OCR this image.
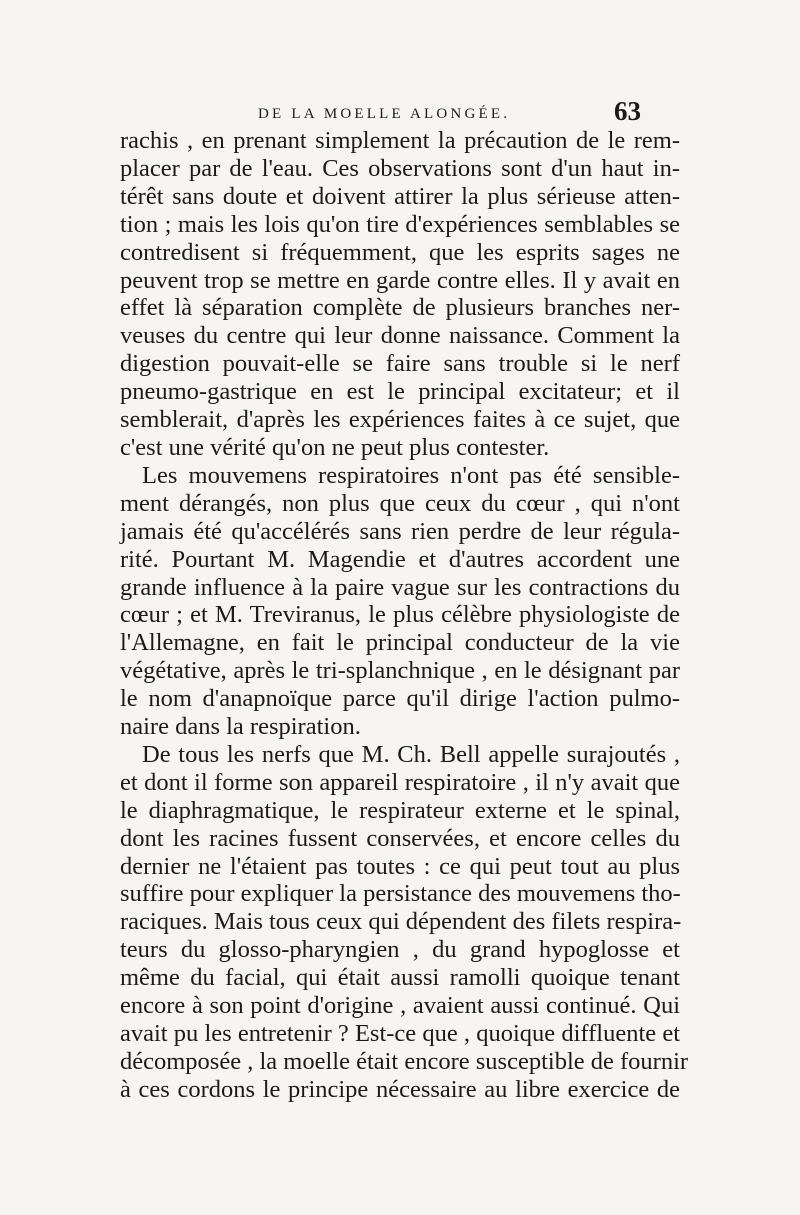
DE LA MOELLE ALONGÉE.	63
rachis , en prenant simplement la précaution de le rem-
placer par de l'eau. Ces observations sont d'un haut in-
térêt sans doute et doivent attirer la plus sérieuse atten-
tion ; mais les lois qu'on tire d'expériences semblables se
contredisent si fréquemment, que les esprits sages ne
peuvent trop se mettre en garde contre elles. Il y avait en
effet là séparation complète de plusieurs branches ner-
veuses du centre qui leur donne naissance. Comment la
digestion pouvait-elle se faire sans trouble si le nerf
pneumo-gastrique en est le principal excitateur; et il
semblerait, d'après les expériences faites à ce sujet, que
c'est une vérité qu'on ne peut plus contester.
Les mouvemens respiratoires n'ont pas été sensible-
ment dérangés, non plus que ceux du cœur , qui n'ont
jamais été qu'accélérés sans rien perdre de leur régula-
rité. Pourtant M. Magendie et d'autres accordent une
grande influence à la paire vague sur les contractions du
cœur ; et M. Treviranus, le plus célèbre physiologiste de
l'Allemagne, en fait le principal conducteur de la vie
végétative, après le tri-splanchnique , en le désignant par
le nom d'anapnoïque parce qu'il dirige l'action pulmo-
naire dans la respiration.
De tous les nerfs que M. Ch. Bell appelle surajoutés ,
et dont il forme son appareil respiratoire , il n'y avait que
le diaphragmatique, le respirateur externe et le spinal,
dont les racines fussent conservées, et encore celles du
dernier ne l'étaient pas toutes : ce qui peut tout au plus
suffire pour expliquer la persistance des mouvemens tho-
raciques. Mais tous ceux qui dépendent des filets respira-
teurs du glosso-pharyngien , du grand hypoglosse et
même du facial, qui était aussi ramolli quoique tenant
encore à son point d'origine , avaient aussi continué. Qui
avait pu les entretenir ? Est-ce que , quoique diffluente et
décomposée , la moelle était encore susceptible de fournir
à ces cordons le principe nécessaire au libre exercice de
